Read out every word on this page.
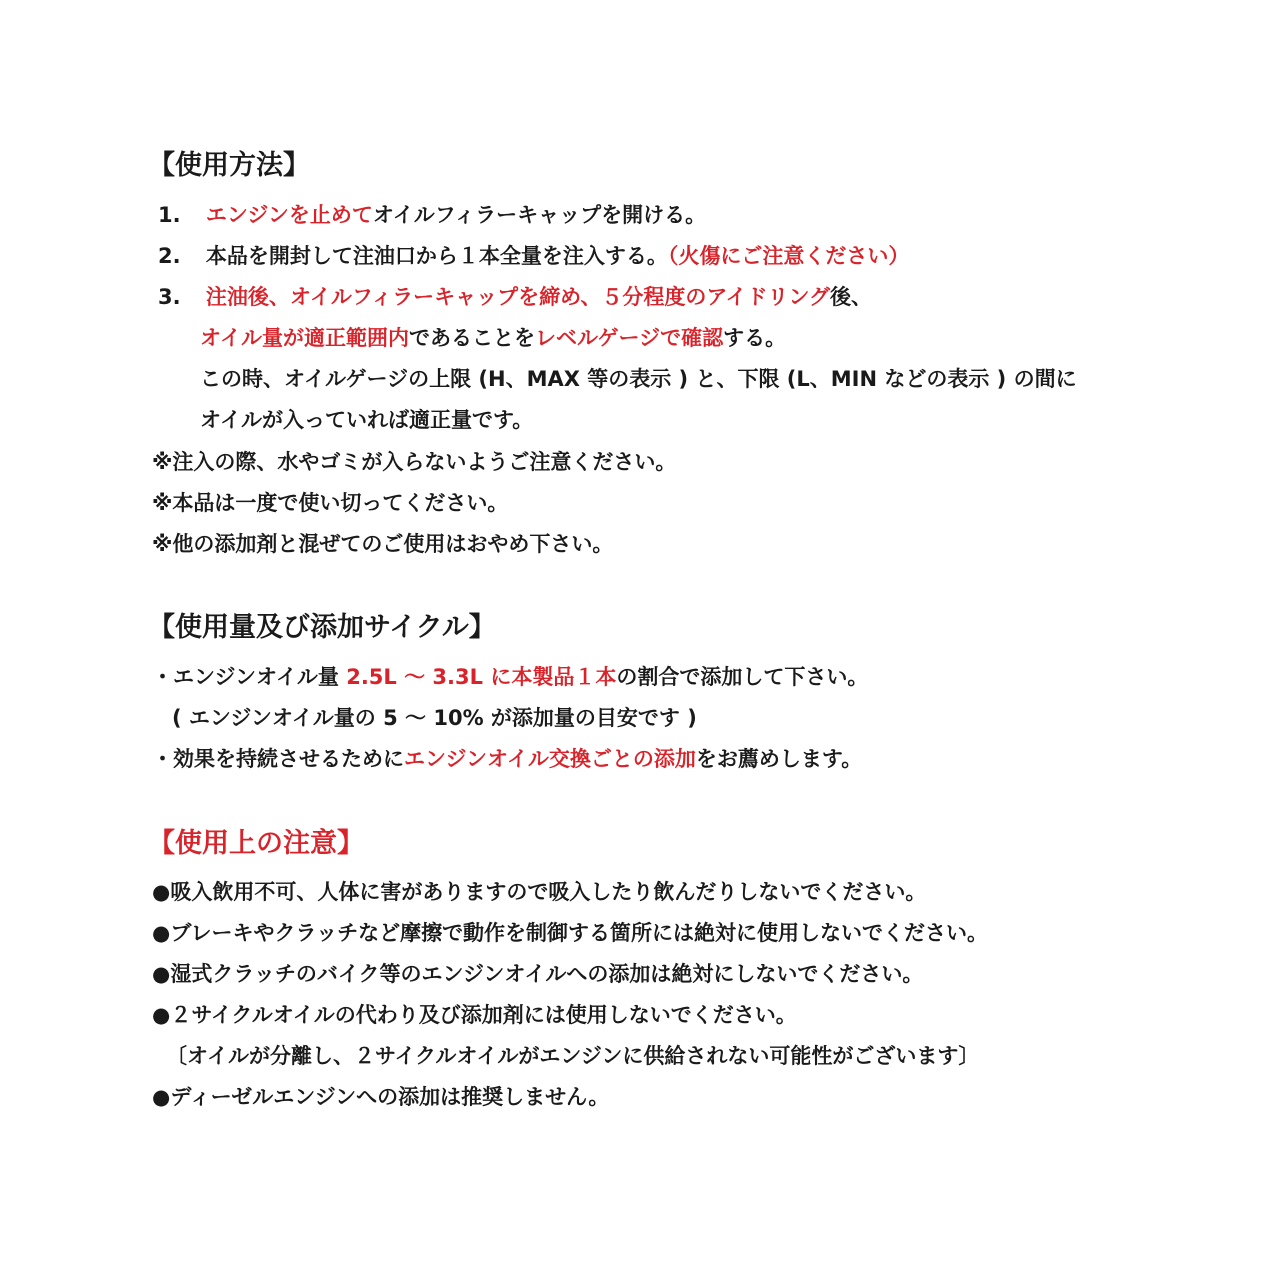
【使用方法】
1. エンジンを止めてオイルフィラーキャップを開ける。
2. 本品を開封して注油口から１本全量を注入する。（火傷にご注意ください）
3. 注油後、オイルフィラーキャップを締め、５分程度のアイドリング後、
オイル量が適正範囲内であることをレベルゲージで確認する。
この時、オイルゲージの上限 (H、MAX 等の表示 ) と、下限 (L、MIN などの表示 ) の間に
オイルが入っていれば適正量です。
※注入の際、水やゴミが入らないようご注意ください。
※本品は一度で使い切ってください。
※他の添加剤と混ぜてのご使用はおやめ下さい。
【使用量及び添加サイクル】
・エンジンオイル量 2.5L 〜 3.3L に本製品１本の割合で添加して下さい。
( エンジンオイル量の 5 〜 10% が添加量の目安です )
・効果を持続させるためにエンジンオイル交換ごとの添加をお薦めします。
【使用上の注意】
●吸入飲用不可、人体に害がありますので吸入したり飲んだりしないでください。
●ブレーキやクラッチなど摩擦で動作を制御する箇所には絶対に使用しないでください。
●湿式クラッチのバイク等のエンジンオイルへの添加は絶対にしないでください。
●２サイクルオイルの代わり及び添加剤には使用しないでください。
〔オイルが分離し、２サイクルオイルがエンジンに供給されない可能性がございます〕
●ディーゼルエンジンへの添加は推奨しません。
